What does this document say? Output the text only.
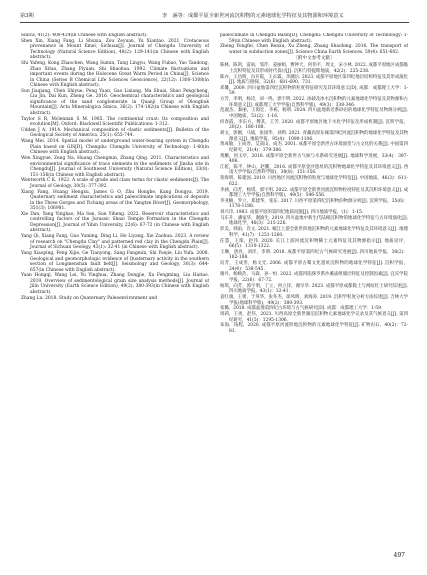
第3期	李　涵等：成都平原全新世河流沉积物的元素地球化学特征及其物源和环境意义

Sinica, 41(2): 409-424(in Chinese with English abstract).

Shen Xin, Xiang Fang, Li Shuxia, Zou Zeyuan, Yu Xiantao. 2021. Cretaceous provenance in Mount Emei, Sichuan[J]. Journal of Chengdu University of Technology (Natural Science Edition), 48(2): 129-141(in Chinese with English abstract).

Shi Yafeng, Kong Zhaochen, Wang Sumin, Tang Lingyu, Wang Fubao, Yao Tandong, Zhao Xitao, Zhang Piyuan, Shi Shaohua. 1992. Climate fluctuations and important events during the Holocene Great Warm Period in China[J]. Science in China (Series B Chemical Life Sciences Geoscience), 22(12): 1300-1308(in Chinese with English abstract).

Sun Jiaqiang, Chen Shiyue, Peng Yuan, Gao Lixiang, Ma Shuai, Shao Pengcheng, Liu Jin, Dai Kun, Zheng Ge. 2016. Geochemical characteristics and geological significance of the sand conglomerate in Quanji Group of Olongbuk Mountain[J]. Acta Mineralogica Sinica, 36(2): 174-182(in Chinese with English abstract).

Taylor S R, Mclennan S M. 1985. The continental crust: Its composition and evolution[M]. Oxford: Blackwell Scientific Publications: 1-312.

Udden J A. 1914. Mechanical composition of clastic sediments[J]. Bulletin of the Geological Society of America, 25(1): 655-744.

Wang Mei. 2014. Spatial model of underground water-bearing system in Chengdu Plain based on GIS[D]. Chengdu: Chengdu University of Technology: 1-60(in Chinese with English abstract).

Wen Xingyue, Zeng Na, Huang Chengmin, Zhang Qing. 2011. Characteristics and environmental significance of trace elements in the sediments of Jinsha site in Chengdu[J]. Journal of Southwest University (Natural Science Edition), 33(8): 151-156(in Chinese with English abstract).

Wentworth C K. 1922. A scale of grade and class terms for clastic sediments[J]. The Journal of Geology, 30(5): 377-392.

Xiang Fang, Huang Hengxu, James G O, Zhu Honghe, Kang Dongya. 2019. Quaternary sediment characteristics and paleoclimate implications of deposits in the Three Gorges and Yichang areas of the Yangtze River[J]. Geomorphology, 351(3): 106981.

Xie Dan, Yang Yinghao, Ma Sen, Sun Yiheng. 2022. Reservoir characteristics and controlling factors of the Jurassic Shaxi Temple Formation in the Chengdu Depression[J]. Journal of Yibin University, 22(6): 67-72 (in Chinese with English abstract).

Yang Qi, Xiang Fang, Guo Yuming, Ding Li, He Liyang, Xie Zaohua. 2023. A review of research on "Chengdu Clay" and patterned red clay in the Chengdu Plain[J]. Journal of Sichuan Geology, 43(1): 32-41 (in Chinese with English abstract).

Yang Xiaoping, Feng Xijie, Ge Tianyong, Sang Fangmin, Shi Yuejie, Liu Yufa. 2008. Geological and geomorphologic evidence of Quaternary activity in the southern section of Longmenshan fault belt[J]. Seismology and Geology, 30(3): 644-657(in Chinese with English abstract).

Yuan Hongqi, Wang Lei, Yu Yinghua, Zhang Dongjie, Xu Fengming, Liu Haitao. 2019. Overview of sedimentological grain size analysis methods[J]. Journal of Jilin University (Earth Science Edition), 49(2): 380-393(in Chinese with English abstract).

Zhang Lu. 2018. Study on Quaternary Paleoenvironment and

paleoclimate in Chengdu Basin[D]. Chengdu: Chengdu University of Technology: 1-59(in Chinese with English abstract).

Zheng Yongfei, Chen Renxu, Xu Zheng, Zhang Shaobing. 2016. The transport of water in subduction zones[J]. Science China Earth Sciences, 59(4): 651-682.

［附中文参考文献］

陈林，陈剑，雷雨，邹芹，姜丽娟，曹钟天，何伟平，周文，宋小林. 2022. 成都平原地区成都黏土沉积特征及其形成时代探讨[J]. 沉积与特提斯地质，42(2)：225-238.

陈亦，王昌明，冯开霞，王长霖，李灏岳. 2023. 成都平原地区第四纪地层结构特征及其形成演化[J]. 地质与勘探，32(6)：681-690，731.

邓馨，2009. 四川盆地第四纪沉积物的粒度特征研究及其环境意义[D]. 成都：成都理工大学：1-59.

方芳，李明，杨诗，刘一鸣，郭宇明. 2022. 冰碛及冰水沉积物的元素地球化学特征及其物源和古环境意义[J]. 成都理工大学学报(自然科学版)，49(3)：338-346.

范淑杰，秦丽，王海宏，李栋，杨明. 2024. 四川盆地新近系砂岩的地球化学特征及物源分析[J]. 中国地质，51(2)：1-16.

何春霞，李东方，傅其，王芳. 2020. 成都平原地区地下水化学特征及形成机制[J]. 沉积学报，20(2)：180-188.

胡文，郭刚，马斌，张国华，刘利. 2021. 青藏高原东缘第四纪河流沉积物的地球化学特征及其物源意义[J]. 地质学报，95(4)：1090-1106.

黄成敏，王成善，艾南山，成杰. 2001. 成都平原全新世古环境演变与古文化的关系[J]. 中国第四纪研究，21(4)：379-386.

黄鹏，何玉亭，2018. 成都平原全新世古气候与水系研究进展[J]. 地球科学进展，33(4)：397-406.

江乾，陈平，钟山，赵鹏，2016. 成都平原金沙遗址的沉积物地球化学特征及其环境意义[J]. 西南大学学报(自然科学版)，38(8)：151-156.

蒋海明，陈建国. 2019. 川西地区河流沉积物的粒度与地球化学特征[J]. 中国地质，46(3)：611-622.

李涵，向芳，杨琪，郭宇明. 2022. 成都平原全新世河流沉积物粒度特征及其沉积环境意义[J]. 成都理工大学学报(自然科学版)，49(5)：546-556.

李亚楠，罗立，郑建华，张东. 2017. 川西平原第四纪沉积物的物源分析[J]. 沉积学报，35(6)：1176-1188.

刘兴诗. 1983. 成都平原的第四纪地质问题[J]. 四川地质学报，(1)：1-15.

马东升，潘家华，谢渝生. 2019. 四川盆地中新生代陆相沉积物的地球化学特征与古环境演化[J]. 地球化学，48(3)：215-226.

彭美，韩雨，肖文. 2021. 岷江上游全新世阶地沉积物的元素地球化学特征及其环境意义[J]. 地理科学，41(7)：1251-1260.

任慧，王琛，赵伟. 2020. 长江上游河流沉积物稀土元素特征及其物源指示[J]. 地质论评，66(5)：1310-1322.

王琳，唐亮，刘洋，李明. 2018. 成都平原第四纪古气候研究进展[J]. 四川地质学报，38(2)：182-188.

向芳，王成善，杨文光. 2006. 成都平原古蜀文化遗址沉积物的地球化学特征[J]. 沉积学报，24(4)：538-545.

谢丹，杨映浩，马森，孙一恒. 2022. 成都凹陷侏罗系沙溪庙组储层特征及控制因素[J]. 宜宾学院学报，22(6)：67-72.

杨琪，向芳，郭宇明，丁立，何立洋，谢早华. 2023. 成都平原成都黏土与网纹红土研究综述[J]. 四川地质学报，43(1)：32-41.

袁红旗，王蕾，于英华，张冬杰，徐凤明，刘海涛. 2019. 沉积学粒度分析方法综述[J]. 吉林大学学报(地球科学版)，49(2)：380-393.

张璐，2018. 成都盆地第四纪古环境与古气候研究[D]. 成都：成都理工大学：1-59.

周莉，王勇，赵伟，2021. 川西高原全新世湖泊沉积物元素地球化学记录及其气候意义[J]. 第四纪研究，41(5)：1295-1306.

朱海，钱程，2020. 成都平原河流阶地沉积物的元素地球化学特征[J]. 矿物岩石，40(2)：72-81.

497
